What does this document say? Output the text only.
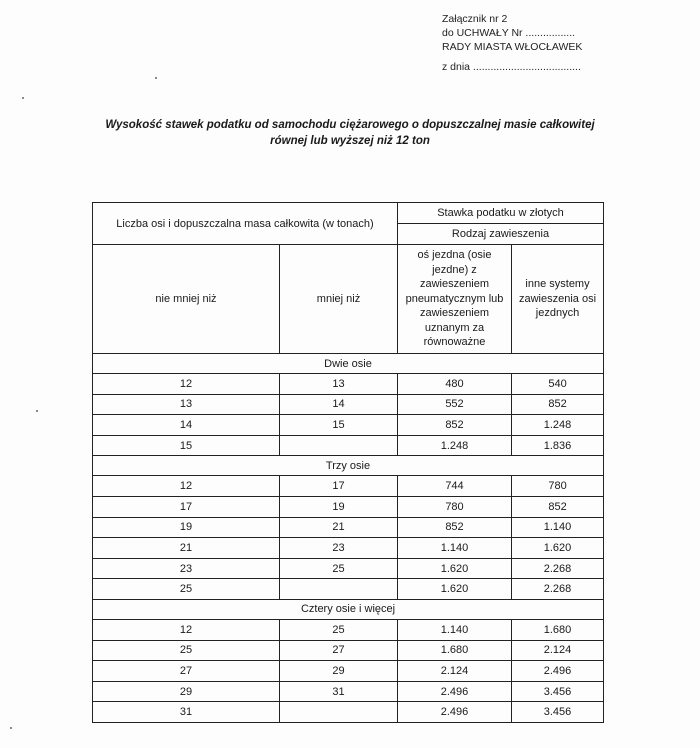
Załącznik nr 2
do UCHWAŁY Nr .................
RADY MIASTA WŁOCŁAWEK
z dnia .....................................
Wysokość stawek podatku od samochodu ciężarowego o dopuszczalnej masie całkowitej
równej lub wyższej niż 12 ton
Liczba osi i dopuszczalna masa całkowita (w tonach)		Stawka podatku w złotych	
		Rodzaj zawieszenia	
nie mniej niż	mniej niż	oś jezdna (osie jezdne) z zawieszeniem pneumatycznym lub zawieszeniem uznanym za równoważne	inne systemy zawieszenia osi jezdnych
Dwie osie			
12	13	480	540
13	14	552	852
14	15	852	1.248
15		1.248	1.836
Trzy osie			
12	17	744	780
17	19	780	852
19	21	852	1.140
21	23	1.140	1.620
23	25	1.620	2.268
25		1.620	2.268
Cztery osie i więcej			
12	25	1.140	1.680
25	27	1.680	2.124
27	29	2.124	2.496
29	31	2.496	3.456
31		2.496	3.456
